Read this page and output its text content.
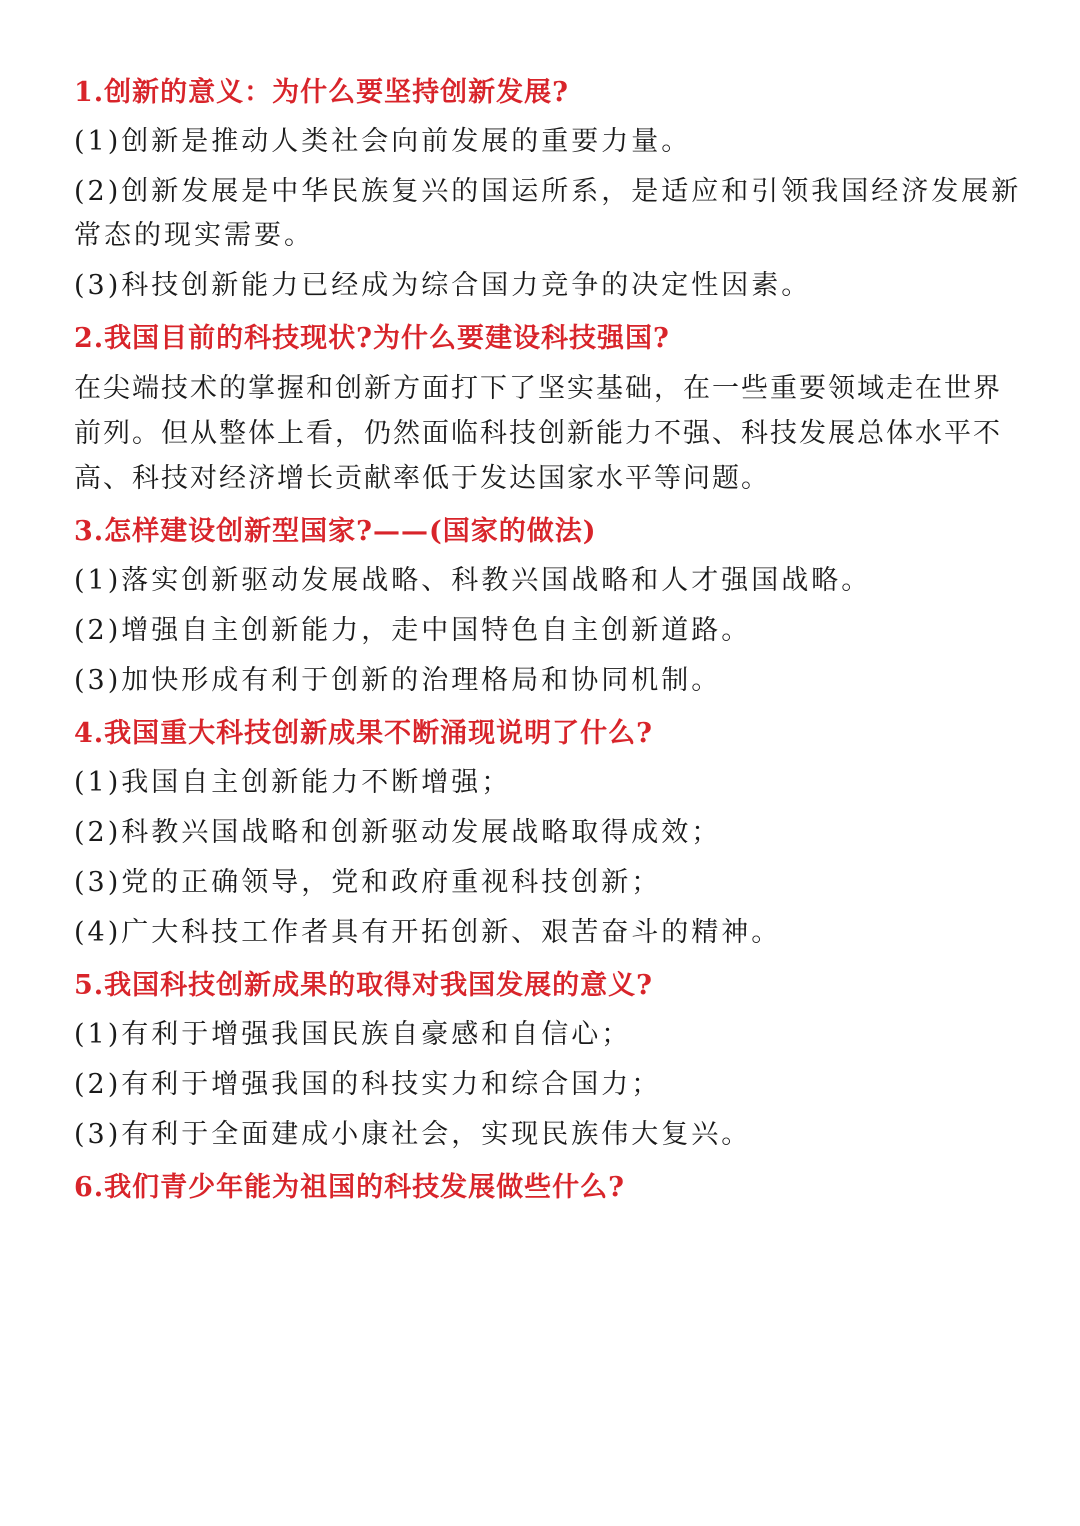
1.创新的意义：为什么要坚持创新发展?
(1)创新是推动人类社会向前发展的重要力量。
(2)创新发展是中华民族复兴的国运所系，是适应和引领我国经济发展新常态的现实需要。
(3)科技创新能力已经成为综合国力竞争的决定性因素。
2.我国目前的科技现状?为什么要建设科技强国?
在尖端技术的掌握和创新方面打下了坚实基础，在一些重要领域走在世界前列。但从整体上看，仍然面临科技创新能力不强、科技发展总体水平不高、科技对经济增长贡献率低于发达国家水平等问题。
3.怎样建设创新型国家?——(国家的做法)
(1)落实创新驱动发展战略、科教兴国战略和人才强国战略。
(2)增强自主创新能力，走中国特色自主创新道路。
(3)加快形成有利于创新的治理格局和协同机制。
4.我国重大科技创新成果不断涌现说明了什么?
(1)我国自主创新能力不断增强；
(2)科教兴国战略和创新驱动发展战略取得成效；
(3)党的正确领导，党和政府重视科技创新；
(4)广大科技工作者具有开拓创新、艰苦奋斗的精神。
5.我国科技创新成果的取得对我国发展的意义?
(1)有利于增强我国民族自豪感和自信心；
(2)有利于增强我国的科技实力和综合国力；
(3)有利于全面建成小康社会，实现民族伟大复兴。
6.我们青少年能为祖国的科技发展做些什么?
